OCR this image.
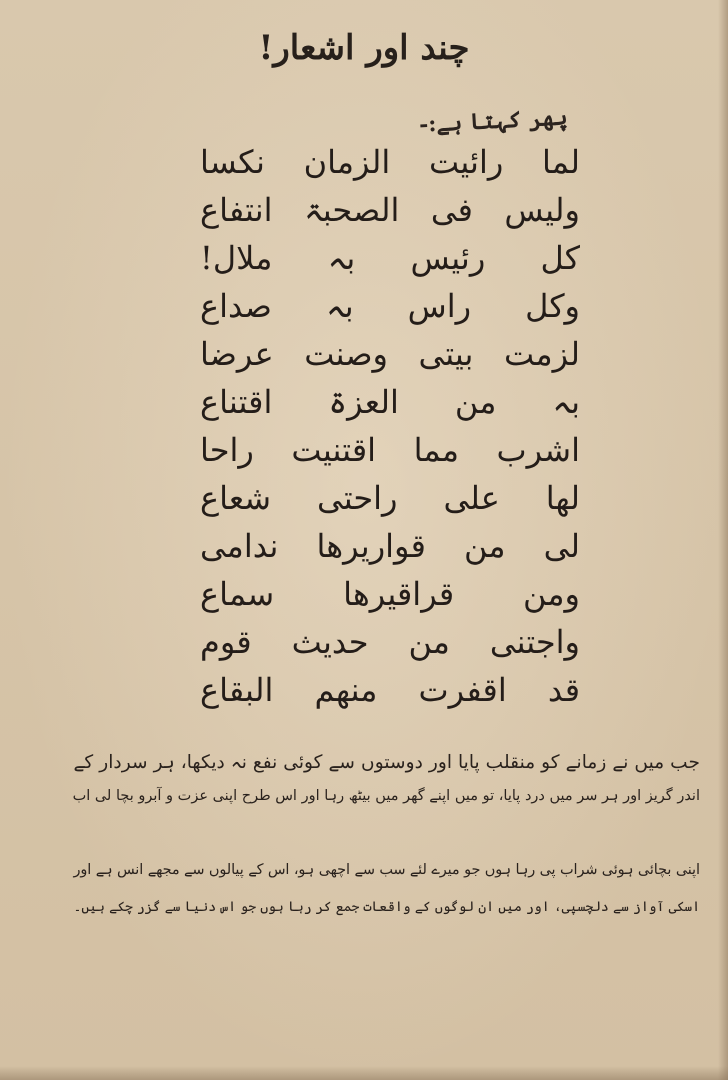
چند اور اشعار!
پھر کہتا ہے:-
لما رائیت الزمان نکسا
ولیس فی الصحبۃ انتفاع
کل رئیس بہ ملال!
وکل راس بہ صداع
لزمت بیتی وصنت عرضا
بہ من العزۃ اقتناع
اشرب مما اقتنیت راحا
لھا علی راحتی شعاع
لی من قواریرھا ندامی
ومن قراقیرھا سماع
واجتنی من حدیث قوم
قد اقفرت منھم البقاع
جب میں نے زمانے کو منقلب پایا اور دوستوں سے کوئی نفع نہ دیکھا، ہر سردار کے
اندر گریز اور ہر سر میں درد پایا، تو میں اپنے گھر میں بیٹھ رہا اور اس طرح اپنی عزت و آبرو بچا لی اب
اپنی بچائی ہوئی شراب پی رہا ہوں جو میرے لئے سب سے اچھی ہو، اس کے پیالوں سے مجھے انس ہے اور
اسکی آواز سے دلچسپی، اور میں ان لوگوں کے واقعات جمع کر رہا ہوں جو اس دنیا سے گزر چکے ہیں۔
